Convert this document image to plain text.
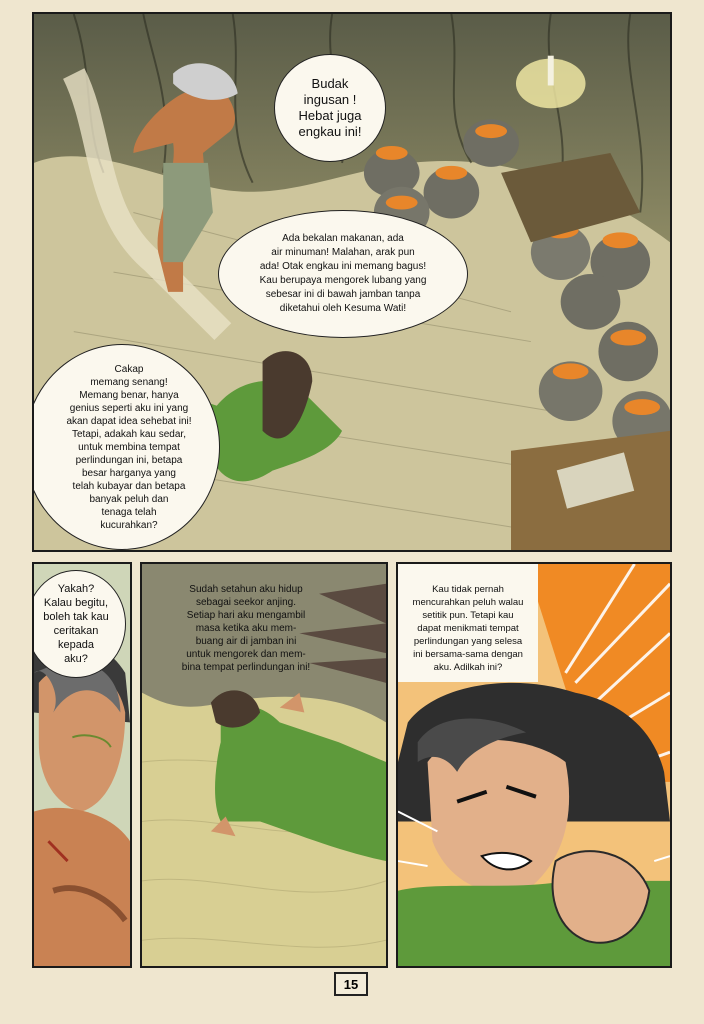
Budak
ingusan !
Hebat juga
engkau ini!
Ada bekalan makanan, ada
air minuman! Malahan, arak pun
ada! Otak engkau ini memang bagus!
Kau berupaya mengorek lubang yang
sebesar ini di bawah jamban tanpa
diketahui oleh Kesuma Wati!
Cakap
memang senang!
Memang benar, hanya
genius seperti aku ini yang
akan dapat idea sehebat ini!
Tetapi, adakah kau sedar,
untuk membina tempat
perlindungan ini, betapa
besar harganya yang
telah kubayar dan betapa
banyak peluh dan
tenaga telah
kucurahkan?
Yakah?
Kalau begitu,
boleh tak kau
ceritakan
kepada
aku?

Sudah setahun aku hidup
sebagai seekor anjing.
Setiap hari aku mengambil
masa ketika aku mem-
buang air di jamban ini
untuk mengorek dan mem-
bina tempat perlindungan ini!

Kau tidak pernah
mencurahkan peluh walau
setitik pun. Tetapi kau
dapat menikmati tempat
perlindungan yang selesa
ini bersama-sama dengan
aku. Adilkah ini?

15
